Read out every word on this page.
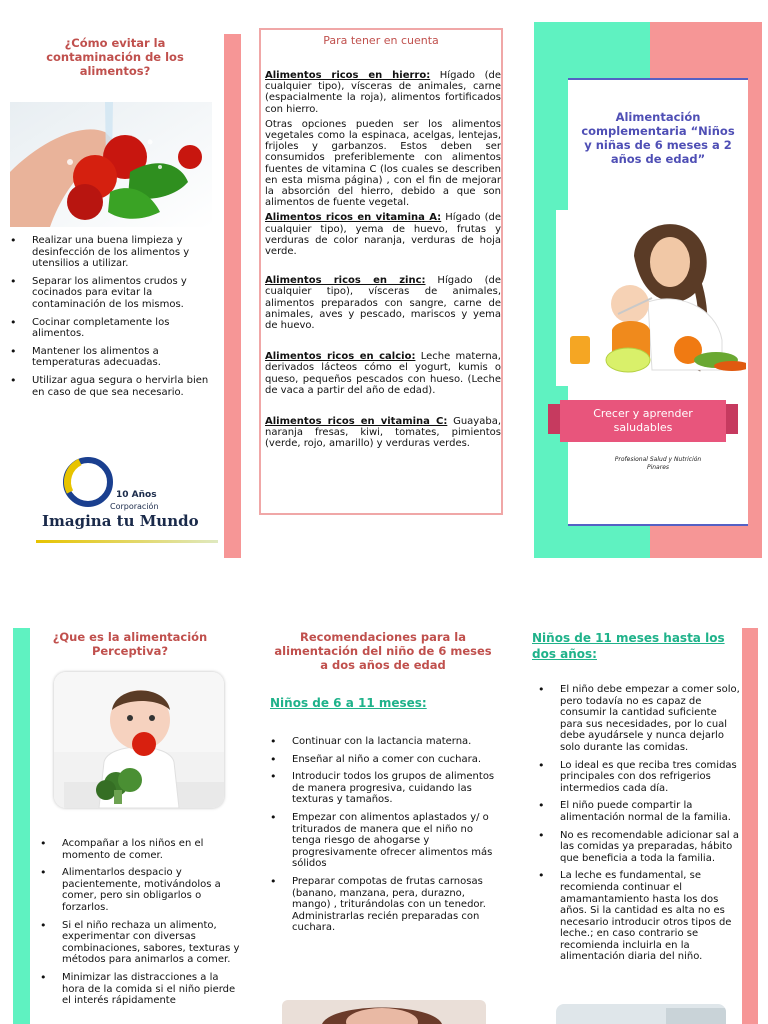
¿Cómo evitar la contaminación de los alimentos?
• Realizar una buena limpieza y desinfección de los alimentos y utensilios a utilizar.
• Separar los alimentos crudos y cocinados para evitar la contaminación de los mismos.
• Cocinar completamente los alimentos.
• Mantener los alimentos a temperaturas adecuadas.
• Utilizar agua segura o hervirla bien en caso de que sea necesario.
10 Años
Corporación
Imagina tu Mundo
Para tener en cuenta

Alimentos ricos en hierro: Hígado (de cualquier tipo), vísceras de animales, carne (espacialmente la roja), alimentos fortificados con hierro.

Otras opciones pueden ser los alimentos vegetales como la espinaca, acelgas, lentejas, frijoles y garbanzos. Estos deben ser consumidos preferiblemente con alimentos fuentes de vitamina C (los cuales se describen en esta misma página) , con el fin de mejorar la absorción del hierro, debido a que son alimentos de fuente vegetal.

Alimentos ricos en vitamina A: Hígado (de cualquier tipo), yema de huevo, frutas y verduras de color naranja, verduras de hoja verde.

Alimentos ricos en zinc: Hígado (de cualquier tipo), vísceras de animales, alimentos preparados con sangre, carne de animales, aves y pescado, mariscos y yema de huevo.

Alimentos ricos en calcio: Leche materna, derivados lácteos cómo el yogurt, kumis o queso, pequeños pescados con hueso. (Leche de vaca a partir del año de edad).

Alimentos ricos en vitamina C: Guayaba, naranja fresas, kiwi, tomates, pimientos (verde, rojo, amarillo) y verduras verdes.

Alimentación complementaria “Niños y niñas de 6 meses a 2 años de edad”
Crecer y aprender saludables
Profesional Salud y Nutrición
Pinares
¿Que es la alimentación Perceptiva?
• Acompañar a los niños en el momento de comer.
• Alimentarlos despacio y pacientemente, motivándolos a comer, pero sin obligarlos o forzarlos.
• Si el niño rechaza un alimento, experimentar con diversas combinaciones, sabores, texturas y métodos para animarlos a comer.
• Minimizar las distracciones a la hora de la comida si el niño pierde el interés rápidamente
Recomendaciones para la alimentación del niño de 6 meses a dos años de edad
Niños de 6 a 11 meses:
• Continuar con la lactancia materna.
• Enseñar al niño a comer con cuchara.
• Introducir todos los grupos de alimentos de manera progresiva, cuidando las texturas y tamaños.
• Empezar con alimentos aplastados y/ o triturados de manera que el niño no tenga riesgo de ahogarse y progresivamente ofrecer alimentos más sólidos
• Preparar compotas de frutas carnosas (banano, manzana, pera, durazno, mango) , triturándolas con un tenedor. Administrarlas recién preparadas con cuchara.
Niños de 11 meses hasta los dos años:
• El niño debe empezar a comer solo, pero todavía no es capaz de consumir la cantidad suficiente para sus necesidades, por lo cual debe ayudársele y nunca dejarlo solo durante las comidas.
• Lo ideal es que reciba tres comidas principales con dos refrigerios intermedios cada día.
• El niño puede compartir la alimentación normal de la familia.
• No es recomendable adicionar sal a las comidas ya preparadas, hábito que beneficia a toda la familia.
• La leche es fundamental, se recomienda continuar el amamantamiento hasta los dos años. Si la cantidad es alta no es necesario introducir otros tipos de leche.; en caso contrario se recomienda incluirla en la alimentación diaria del niño.
